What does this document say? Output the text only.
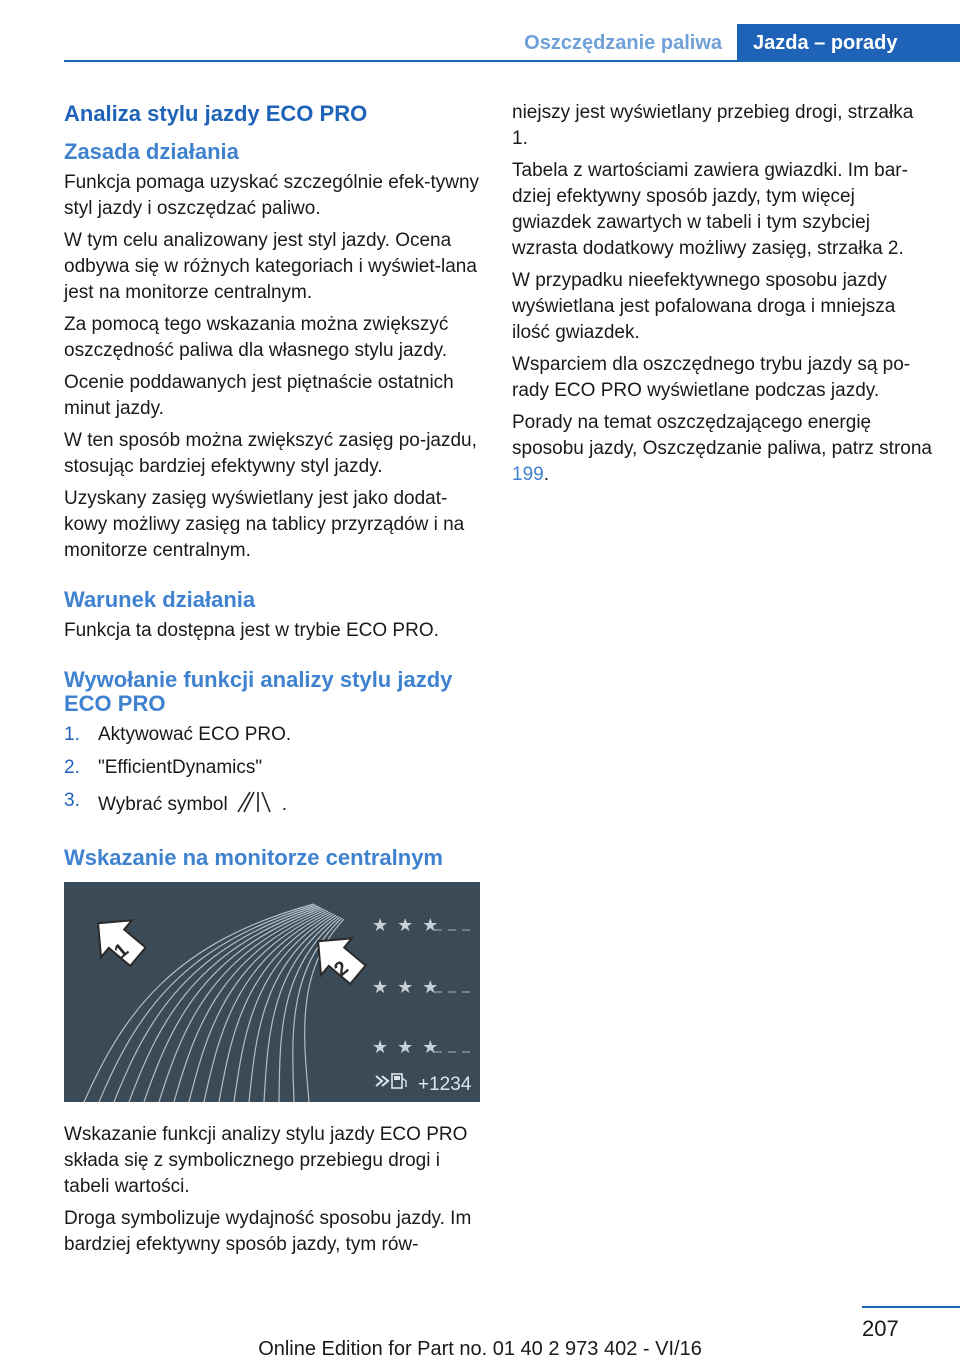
Oszczędzanie paliwa	Jazda – porady
Analiza stylu jazdy ECO PRO
Zasada działania

Funkcja pomaga uzyskać szczególnie efek‐tywny styl jazdy i oszczędzać paliwo.

W tym celu analizowany jest styl jazdy. Ocena odbywa się w różnych kategoriach i wyświet‐lana jest na monitorze centralnym.

Za pomocą tego wskazania można zwiększyć oszczędność paliwa dla własnego stylu jazdy.

Ocenie poddawanych jest piętnaście ostatnich minut jazdy.

W ten sposób można zwiększyć zasięg po‐jazdu, stosując bardziej efektywny styl jazdy.

Uzyskany zasięg wyświetlany jest jako dodat‐kowy możliwy zasięg na tablicy przyrządów i na monitorze centralnym.

Warunek działania

Funkcja ta dostępna jest w trybie ECO PRO.

Wywołanie funkcji analizy stylu jazdy ECO PRO
1. Aktywować ECO PRO.
2. "EfficientDynamics"
3. Wybrać symbol	.
Wskazanie na monitorze centralnym
1
2
★ ★ ★
★ ★ ★
★ ★ ★
+1234

Wskazanie funkcji analizy stylu jazdy ECO PRO składa się z symbolicznego przebiegu drogi i tabeli wartości.

Droga symbolizuje wydajność sposobu jazdy. Im bardziej efektywny sposób jazdy, tym rów‐

niejszy jest wyświetlany przebieg drogi, strzałka 1.

Tabela z wartościami zawiera gwiazdki. Im bar‐dziej efektywny sposób jazdy, tym więcej gwiazdek zawartych w tabeli i tym szybciej wzrasta dodatkowy możliwy zasięg, strzałka 2.

W przypadku nieefektywnego sposobu jazdy wyświetlana jest pofalowana droga i mniejsza ilość gwiazdek.

Wsparciem dla oszczędnego trybu jazdy są po‐rady ECO PRO wyświetlane podczas jazdy.

Porady na temat oszczędzającego energię sposobu jazdy, Oszczędzanie paliwa, patrz strona 199.

207
Online Edition for Part no. 01 40 2 973 402 - VI/16
